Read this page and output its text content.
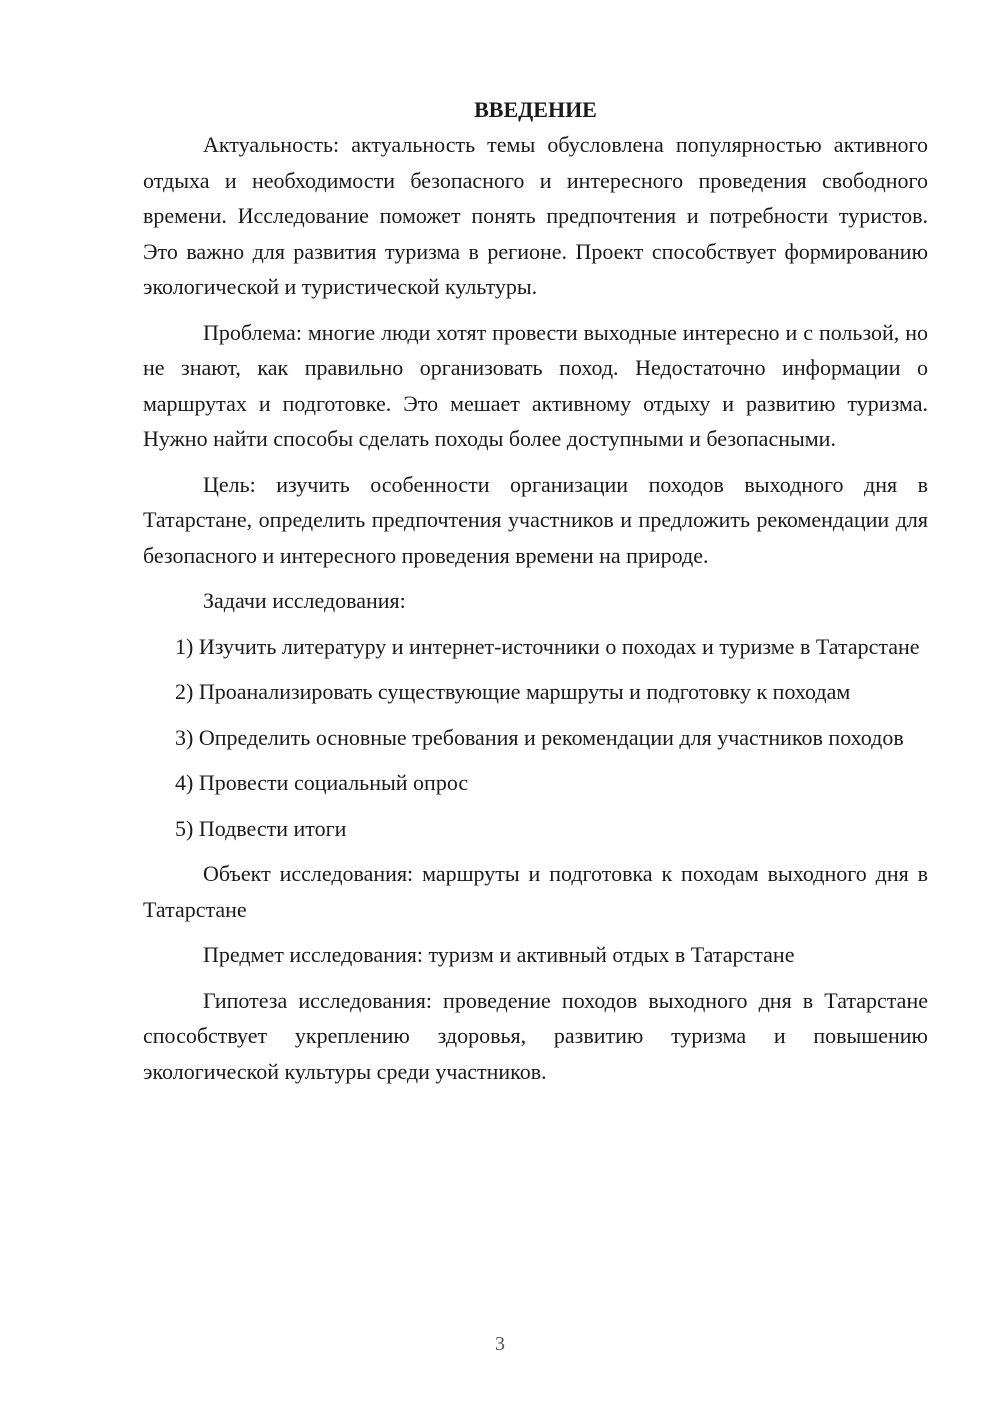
ВВЕДЕНИЕ

Актуальность: актуальность темы обусловлена популярностью активного отдыха и необходимости безопасного и интересного проведения свободного времени. Исследование поможет понять предпочтения и потребности туристов. Это важно для развития туризма в регионе. Проект способствует формированию экологической и туристической культуры.

Проблема: многие люди хотят провести выходные интересно и с пользой, но не знают, как правильно организовать поход. Недостаточно информации о маршрутах и подготовке. Это мешает активному отдыху и развитию туризма. Нужно найти способы сделать походы более доступными и безопасными.

Цель: изучить особенности организации походов выходного дня в Татарстане, определить предпочтения участников и предложить рекомендации для безопасного и интересного проведения времени на природе.

Задачи исследования:

1) Изучить литературу и интернет-источники о походах и туризме в Татарстане

2) Проанализировать существующие маршруты и подготовку к походам

3) Определить основные требования и рекомендации для участников походов

4) Провести социальный опрос

5) Подвести итоги

Объект исследования: маршруты и подготовка к походам выходного дня в Татарстане

Предмет исследования: туризм и активный отдых в Татарстане

Гипотеза исследования: проведение походов выходного дня в Татарстане способствует укреплению здоровья, развитию туризма и повышению экологической культуры среди участников.

3
